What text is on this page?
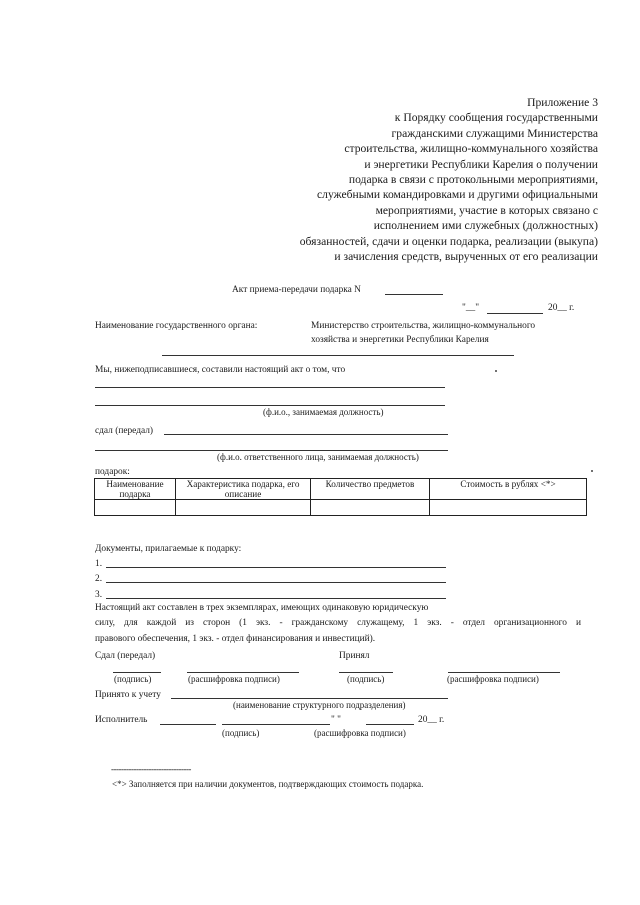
Приложение 3
к Порядку сообщения государственными
гражданскими служащими Министерства
строительства, жилищно-коммунального хозяйства
и энергетики Республики Карелия о получении
подарка в связи с протокольными мероприятиями,
служебными командировками и другими официальными
мероприятиями, участие в которых связано с
исполнением ими служебных (должностных)
обязанностей, сдачи и оценки подарка, реализации (выкупа)
и зачисления средств, вырученных от его реализации
Акт приема-передачи подарка N
"__"	20__ г.
Наименование государственного органа:	Министерство строительства, жилищно-коммунального
хозяйства и энергетики Республики Карелия
Мы, нижеподписавшиеся, составили настоящий акт о том, что
(ф.и.о., занимаемая должность)
сдал (передал)
(ф.и.о. ответственного лица, занимаемая должность)
подарок:
Наименование подарка	Характеристика подарка, его описание	Количество предметов	Стоимость в рублях <*>

Документы, прилагаемые к подарку:
1.
2.
3.
Настоящий акт составлен в трех экземплярах, имеющих одинаковую юридическую
силу, для каждой из сторон (1 экз. - гражданскому служащему, 1 экз. - отдел организационного и
правового обеспечения, 1 экз. - отдел финансирования и инвестиций).
Сдал (передал)	Принял
(подпись)	(расшифровка подписи)	(подпись)	(расшифровка подписи)
Принято к учету
(наименование структурного подразделения)
Исполнитель	" "	20__ г.
(подпись)	(расшифровка подписи)
--------------------------------
<*> Заполняется при наличии документов, подтверждающих стоимость подарка.
